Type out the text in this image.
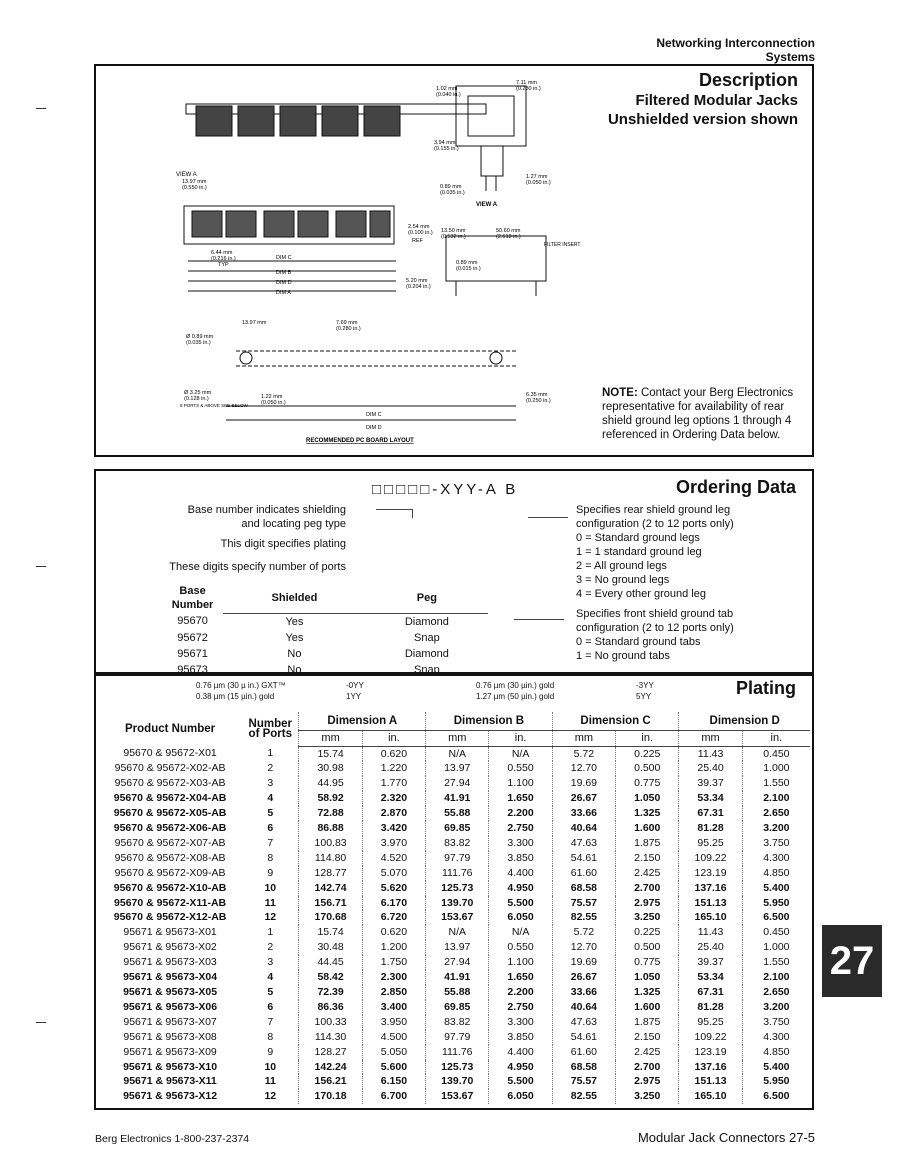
Networking Interconnection
Systems
Description
Filtered Modular Jacks
Unshielded version shown
1.02 mm
(0.040 in.)
7.11 mm
(0.280 in.)
3.94 mm
(0.155 in.)
1.27 mm
(0.050 in.)
0.89 mm
(0.035 in.)
VIEW A
VIEW A
13.97 mm
(0.550 in.)
6.44 mm
(0.216 in.)
TYP
DIM C
DIM B
DIM D
DIM A
2.54 mm
(0.100 in.)
REF
5.20 mm
(0.204 in.)
13.50 mm
(0.532 in.)
50.60 mm
(2.618 in.)
FILTER INSERT
0.89 mm
(0.015 in.)
13.97 mm	7.69 mm
(0.280 in.)
Ø 0.89 mm
(0.035 in.)
Ø 3.25 mm
(0.128 in.)
8 PORTS & ABOVE SEE BELOW
1.22 mm
(0.050 in.)
6.35 mm
(0.250 in.)
DIM C
DIM D
RECOMMENDED PC BOARD LAYOUT
NOTE: Contact your Berg Electronics representative for availability of rear shield ground leg options 1 through 4 referenced in Ordering Data below.
Ordering Data
□□□□□-XYY-A B
Base number indicates shielding
and locating peg type
This digit specifies plating
These digits specify number of ports
Base Number	Shielded	Peg
95670	Yes	Diamond
95672	Yes	Snap
95671	No	Diamond
95673	No	Snap
Specifies rear shield ground leg
configuration (2 to 12 ports only)
0 = Standard ground legs
1 = 1 standard ground leg
2 = All ground legs
3 = No ground legs
4 = Every other ground leg
Specifies front shield ground tab
configuration (2 to 12 ports only)
0 = Standard ground tabs
1 = No ground tabs
Plating
0.76 µm (30 µ in.) GXT™	-0YY	0.76 µm (30 µin.) gold	-3YY
0.38 µm (15 µin.) gold	1YY	1.27 µm (50 µin.) gold	5YY
Product Number	Number of Ports	Dimension A		Dimension B		Dimension C		Dimension D	
		mm	in.	mm	in.	mm	in.	mm	in.
95670 & 95672-X01	1	15.74	0.620	N/A	N/A	5.72	0.225	11.43	0.450
95670 & 95672-X02-AB	2	30.98	1.220	13.97	0.550	12.70	0.500	25.40	1.000
95670 & 95672-X03-AB	3	44.95	1.770	27.94	1.100	19.69	0.775	39.37	1.550
95670 & 95672-X04-AB	4	58.92	2.320	41.91	1.650	26.67	1.050	53.34	2.100
95670 & 95672-X05-AB	5	72.88	2.870	55.88	2.200	33.66	1.325	67.31	2.650
95670 & 95672-X06-AB	6	86.88	3.420	69.85	2.750	40.64	1.600	81.28	3.200
95670 & 95672-X07-AB	7	100.83	3.970	83.82	3.300	47.63	1.875	95.25	3.750
95670 & 95672-X08-AB	8	114.80	4.520	97.79	3.850	54.61	2.150	109.22	4.300
95670 & 95672-X09-AB	9	128.77	5.070	111.76	4.400	61.60	2.425	123.19	4.850
95670 & 95672-X10-AB	10	142.74	5.620	125.73	4.950	68.58	2.700	137.16	5.400
95670 & 95672-X11-AB	11	156.71	6.170	139.70	5.500	75.57	2.975	151.13	5.950
95670 & 95672-X12-AB	12	170.68	6.720	153.67	6.050	82.55	3.250	165.10	6.500
95671 & 95673-X01	1	15.74	0.620	N/A	N/A	5.72	0.225	11.43	0.450
95671 & 95673-X02	2	30.48	1.200	13.97	0.550	12.70	0.500	25.40	1.000
95671 & 95673-X03	3	44.45	1.750	27.94	1.100	19.69	0.775	39.37	1.550
95671 & 95673-X04	4	58.42	2.300	41.91	1.650	26.67	1.050	53.34	2.100
95671 & 95673-X05	5	72.39	2.850	55.88	2.200	33.66	1.325	67.31	2.650
95671 & 95673-X06	6	86.36	3.400	69.85	2.750	40.64	1.600	81.28	3.200
95671 & 95673-X07	7	100.33	3.950	83.82	3.300	47.63	1.875	95.25	3.750
95671 & 95673-X08	8	114.30	4.500	97.79	3.850	54.61	2.150	109.22	4.300
95671 & 95673-X09	9	128.27	5.050	111.76	4.400	61.60	2.425	123.19	4.850
95671 & 95673-X10	10	142.24	5.600	125.73	4.950	68.58	2.700	137.16	5.400
95671 & 95673-X11	11	156.21	6.150	139.70	5.500	75.57	2.975	151.13	5.950
95671 & 95673-X12	12	170.18	6.700	153.67	6.050	82.55	3.250	165.10	6.500
27
Berg Electronics 1-800-237-2374	Modular Jack Connectors 27-5
